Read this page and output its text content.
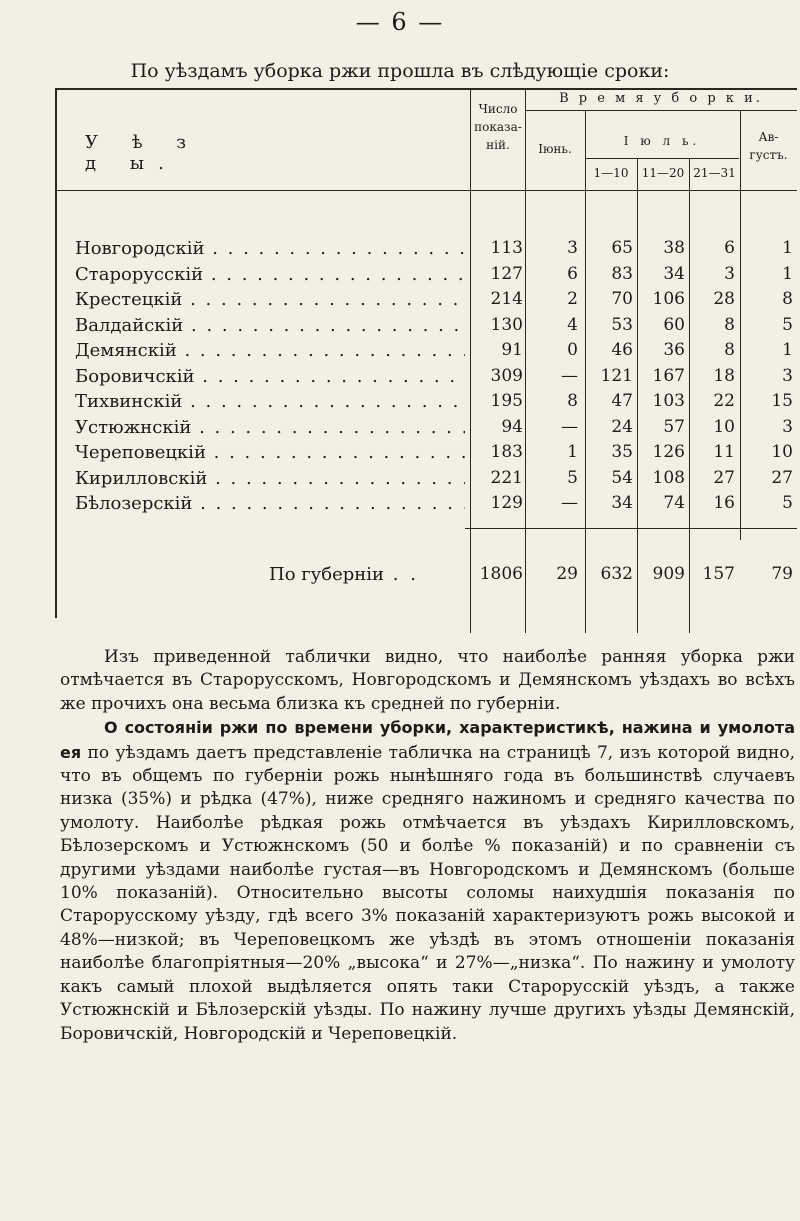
— 6 —
По уѣздамъ уборка ржи прошла въ слѣдующіе сроки:
У ѣ з д ы.
Число
показа-
ній.
В р е м я у б о р к и.
Іюнь.
І ю л ь.	Ав-
густъ.
1—10	11—20 21—31
Новгородскій . . .	113	3	65	38	6	1
Старорусскій . . .	127	6	83	34	3	1
Крестецкій . . .	214	2	70	106	28	8
Валдайскій . . .	130	4	53	60	8	5
Демянскій . . .	91	0	46	36	8	1
Боровичскій . . .	309	—	121	167	18	3
Тихвинскій . . .	195	8	47	103	22	15
Устюжнскій . . .	94	—	24	57	10	3
Череповецкій . . .	183	1	35	126	11	10
Кирилловскій . . .	221	5	54	108	27	27
Бѣлозерскій . . .	129	—	34	74	16	5
По губерніи . .	1806	29	632	909	157	79

Изъ приведенной таблички видно, что наиболѣе ранняя уборка ржи отмѣчается въ Старорусскомъ, Новгородскомъ и Демянскомъ уѣздахъ во всѣхъ же прочихъ она весьма близка къ средней по губерніи.

О состояніи ржи по времени уборки, характеристикѣ, нажина и умолота ея по уѣздамъ даетъ представленіе табличка на страницѣ 7, изъ которой видно, что въ общемъ по губерніи рожь нынѣшняго года въ большинствѣ случаевъ низка (35%) и рѣдка (47%), ниже средняго нажиномъ и средняго качества по умолоту. Наиболѣе рѣдкая рожь отмѣчается въ уѣздахъ Кирилловскомъ, Бѣлозерскомъ и Устюжнскомъ (50 и болѣе % показаній) и по сравненіи съ другими уѣздами наиболѣе густая—въ Новгородскомъ и Демянскомъ (больше 10% показаній). Относительно высоты соломы наихудшія показанія по Старорусскому уѣзду, гдѣ всего 3% показаній характеризуютъ рожь высокой и 48%—низкой; въ Череповецкомъ же уѣздѣ въ этомъ отношеніи показанія наиболѣе благопріятныя—20% „высока“ и 27%—„низка“. По нажину и умолоту какъ самый плохой выдѣляется опять таки Старорусскій уѣздъ, а также Устюжнскій и Бѣлозерскій уѣзды. По нажину лучше другихъ уѣзды Демянскій, Боровичскій, Новгородскій и Череповецкій.
